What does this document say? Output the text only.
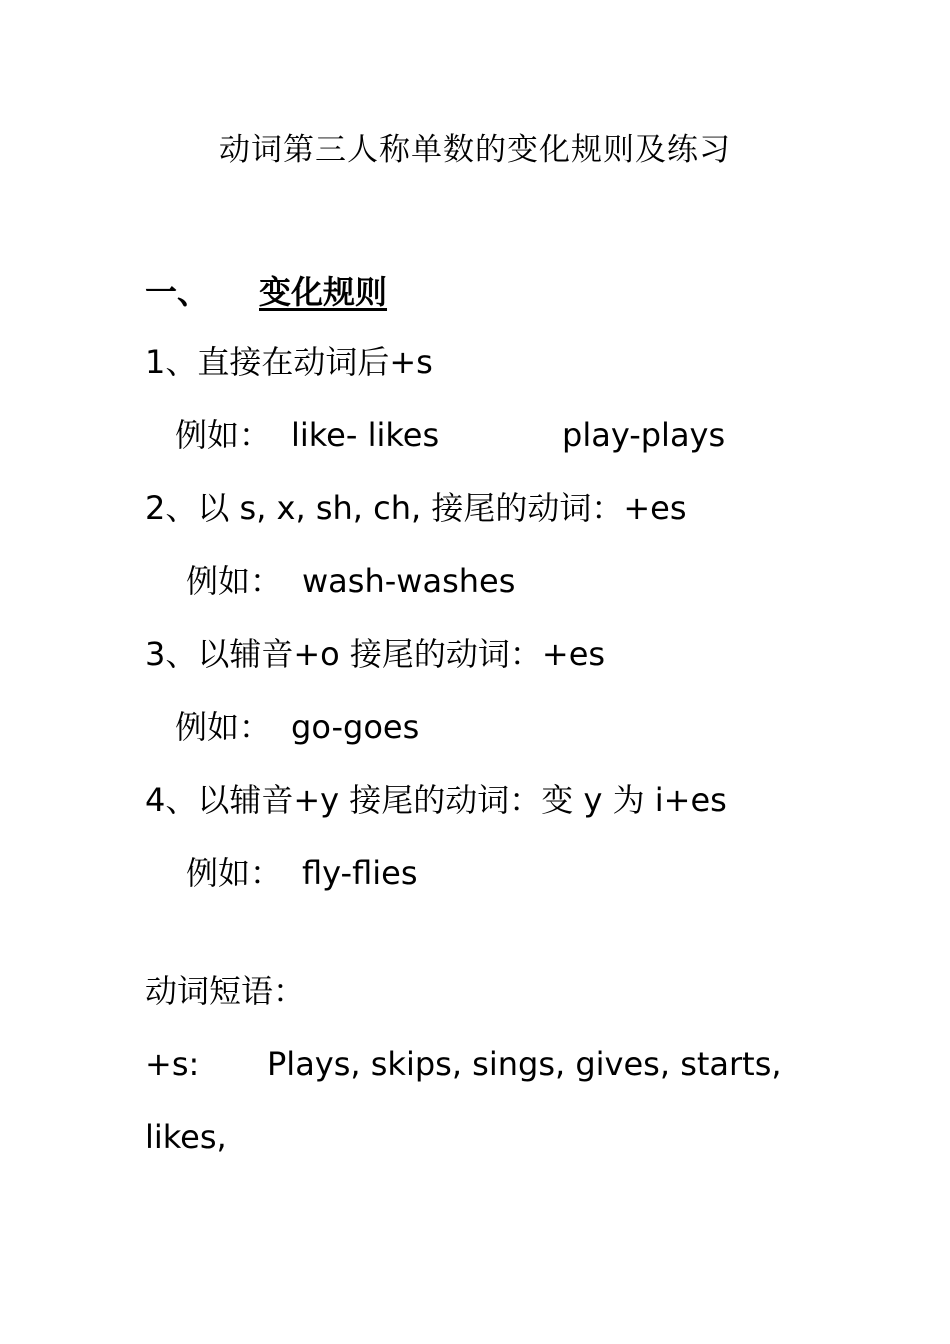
动词第三人称单数的变化规则及练习
一、 变化规则
1、直接在动词后+s
例如： like- likes	play-plays
2、以 s, x, sh, ch, 接尾的动词：+es
例如： wash-washes
3、以辅音+o 接尾的动词：+es
例如： go-goes
4、以辅音+y 接尾的动词：变 y 为 i+es
例如： fly-flies
动词短语：
+s: Plays, skips, sings, gives, starts,
likes,
